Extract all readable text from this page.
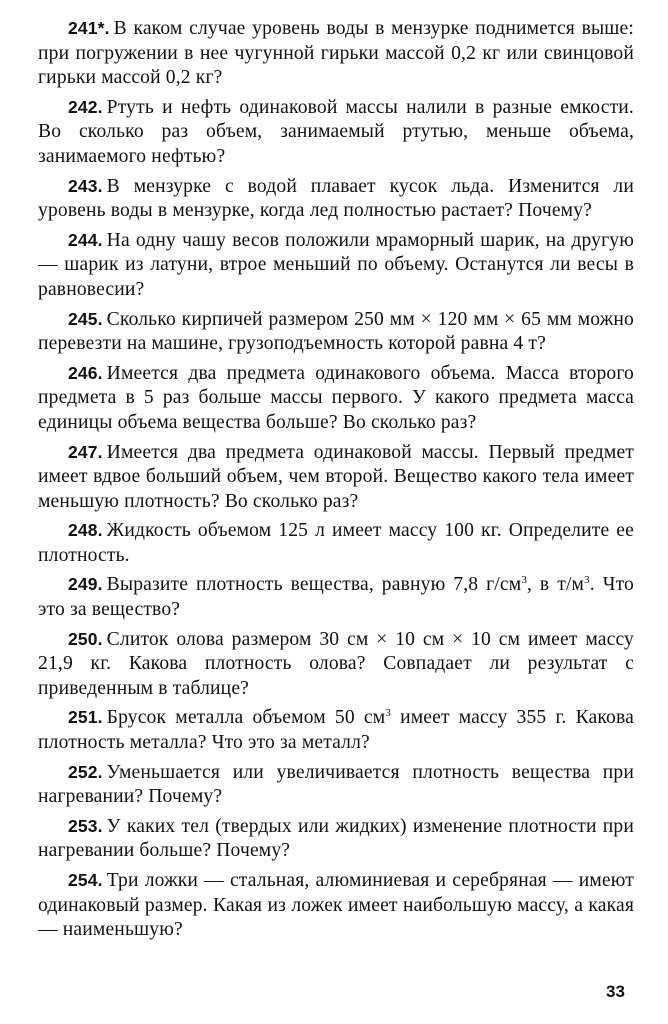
241*. В каком случае уровень воды в мензурке поднимется выше: при погружении в нее чугунной гирьки массой 0,2 кг или свинцовой гирьки массой 0,2 кг?

242. Ртуть и нефть одинаковой массы налили в разные емкости. Во сколько раз объем, занимаемый ртутью, меньше объема, занимаемого нефтью?

243. В мензурке с водой плавает кусок льда. Изменится ли уровень воды в мензурке, когда лед полностью растает? Почему?

244. На одну чашу весов положили мраморный шарик, на другую — шарик из латуни, втрое меньший по объему. Останутся ли весы в равновесии?

245. Сколько кирпичей размером 250 мм × 120 мм × 65 мм можно перевезти на машине, грузоподъемность которой равна 4 т?

246. Имеется два предмета одинакового объема. Масса второго предмета в 5 раз больше массы первого. У какого предмета масса единицы объема вещества больше? Во сколько раз?

247. Имеется два предмета одинаковой массы. Первый предмет имеет вдвое больший объем, чем второй. Вещество какого тела имеет меньшую плотность? Во сколько раз?

248. Жидкость объемом 125 л имеет массу 100 кг. Определите ее плотность.

249. Выразите плотность вещества, равную 7,8 $г/см^3$, в $т/м^3$. Что это за вещество?

250. Слиток олова размером 30 см × 10 см × 10 см имеет массу 21,9 кг. Какова плотность олова? Совпадает ли результат с приведенным в таблице?

251. Брусок металла объемом 50 $см^3$ имеет массу 355 г. Какова плотность металла? Что это за металл?

252. Уменьшается или увеличивается плотность вещества при нагревании? Почему?

253. У каких тел (твердых или жидких) изменение плотности при нагревании больше? Почему?

254. Три ложки — стальная, алюминиевая и серебряная — имеют одинаковый размер. Какая из ложек имеет наибольшую массу, а какая — наименьшую?

33
